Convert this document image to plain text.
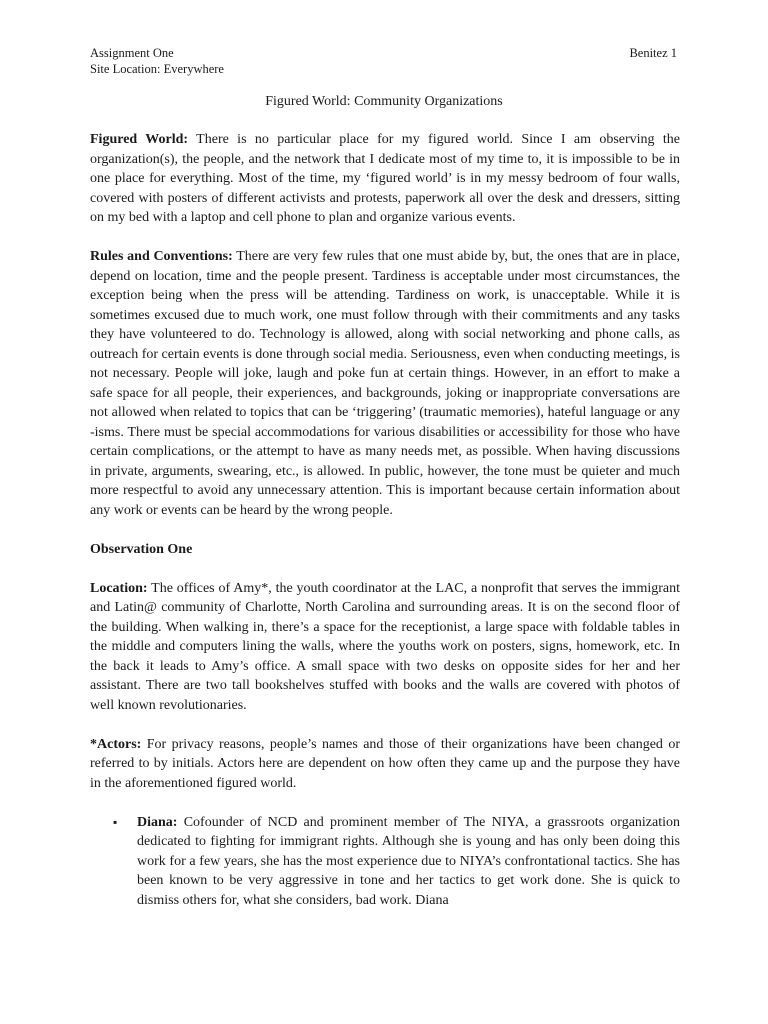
Assignment One
Site Location: Everywhere
Benitez 1
Figured World: Community Organizations

Figured World: There is no particular place for my figured world. Since I am observing the organization(s), the people, and the network that I dedicate most of my time to, it is impossible to be in one place for everything. Most of the time, my ‘figured world’ is in my messy bedroom of four walls, covered with posters of different activists and protests, paperwork all over the desk and dressers, sitting on my bed with a laptop and cell phone to plan and organize various events.

Rules and Conventions: There are very few rules that one must abide by, but, the ones that are in place, depend on location, time and the people present. Tardiness is acceptable under most circumstances, the exception being when the press will be attending. Tardiness on work, is unacceptable. While it is sometimes excused due to much work, one must follow through with their commitments and any tasks they have volunteered to do. Technology is allowed, along with social networking and phone calls, as outreach for certain events is done through social media. Seriousness, even when conducting meetings, is not necessary. People will joke, laugh and poke fun at certain things. However, in an effort to make a safe space for all people, their experiences, and backgrounds, joking or inappropriate conversations are not allowed when related to topics that can be ‘triggering’ (traumatic memories), hateful language or any -isms. There must be special accommodations for various disabilities or accessibility for those who have certain complications, or the attempt to have as many needs met, as possible. When having discussions in private, arguments, swearing, etc., is allowed. In public, however, the tone must be quieter and much more respectful to avoid any unnecessary attention. This is important because certain information about any work or events can be heard by the wrong people.

Observation One

Location: The offices of Amy*, the youth coordinator at the LAC, a nonprofit that serves the immigrant and Latin@ community of Charlotte, North Carolina and surrounding areas. It is on the second floor of the building. When walking in, there’s a space for the receptionist, a large space with foldable tables in the middle and computers lining the walls, where the youths work on posters, signs, homework, etc. In the back it leads to Amy’s office. A small space with two desks on opposite sides for her and her assistant. There are two tall bookshelves stuffed with books and the walls are covered with photos of well known revolutionaries.

*Actors: For privacy reasons, people’s names and those of their organizations have been changed or referred to by initials. Actors here are dependent on how often they came up and the purpose they have in the aforementioned figured world.

▪ Diana: Cofounder of NCD and prominent member of The NIYA, a grassroots organization dedicated to fighting for immigrant rights. Although she is young and has only been doing this work for a few years, she has the most experience due to NIYA’s confrontational tactics. She has been known to be very aggressive in tone and her tactics to get work done. She is quick to dismiss others for, what she considers, bad work. Diana
